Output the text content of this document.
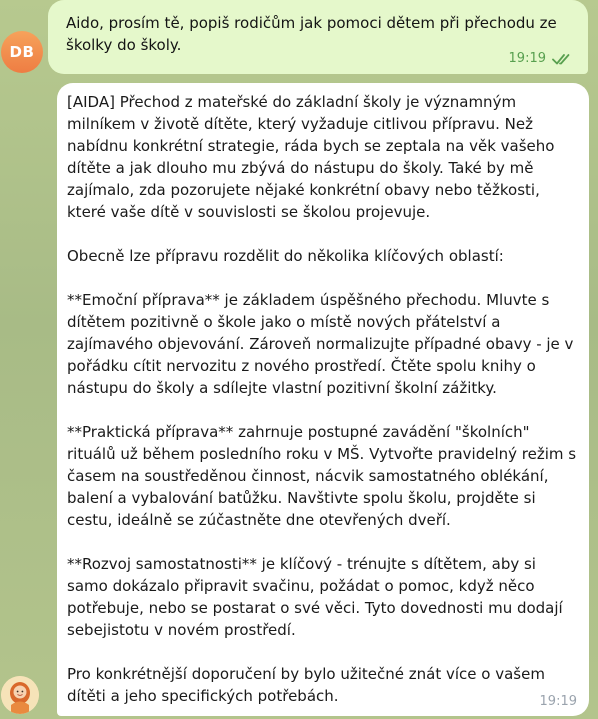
DB

Aido, prosím tě, popiš rodičům jak pomoci dětem při přechodu ze školky do školy.

19:19

[AIDA] Přechod z mateřské do základní školy je významným milníkem v životě dítěte, který vyžaduje citlivou přípravu. Než nabídnu konkrétní strategie, ráda bych se zeptala na věk vašeho dítěte a jak dlouho mu zbývá do nástupu do školy. Také by mě zajímalo, zda pozorujete nějaké konkrétní obavy nebo těžkosti, které vaše dítě v souvislosti se školou projevuje.

Obecně lze přípravu rozdělit do několika klíčových oblastí:

**Emoční příprava** je základem úspěšného přechodu. Mluvte s dítětem pozitivně o škole jako o místě nových přátelství a zajímavého objevování. Zároveň normalizujte případné obavy - je v pořádku cítit nervozitu z nového prostředí. Čtěte spolu knihy o nástupu do školy a sdílejte vlastní pozitivní školní zážitky.

**Praktická příprava** zahrnuje postupné zavádění "školních" rituálů už během posledního roku v MŠ. Vytvořte pravidelný režim s časem na soustředěnou činnost, nácvik samostatného oblékání, balení a vybalování batůžku. Navštivte spolu školu, projděte si cestu, ideálně se zúčastněte dne otevřených dveří.

**Rozvoj samostatnosti** je klíčový - trénujte s dítětem, aby si samo dokázalo připravit svačinu, požádat o pomoc, když něco potřebuje, nebo se postarat o své věci. Tyto dovednosti mu dodají sebejistotu v novém prostředí.

Pro konkrétnější doporučení by bylo užitečné znát více o vašem dítěti a jeho specifických potřebách.	19:19
